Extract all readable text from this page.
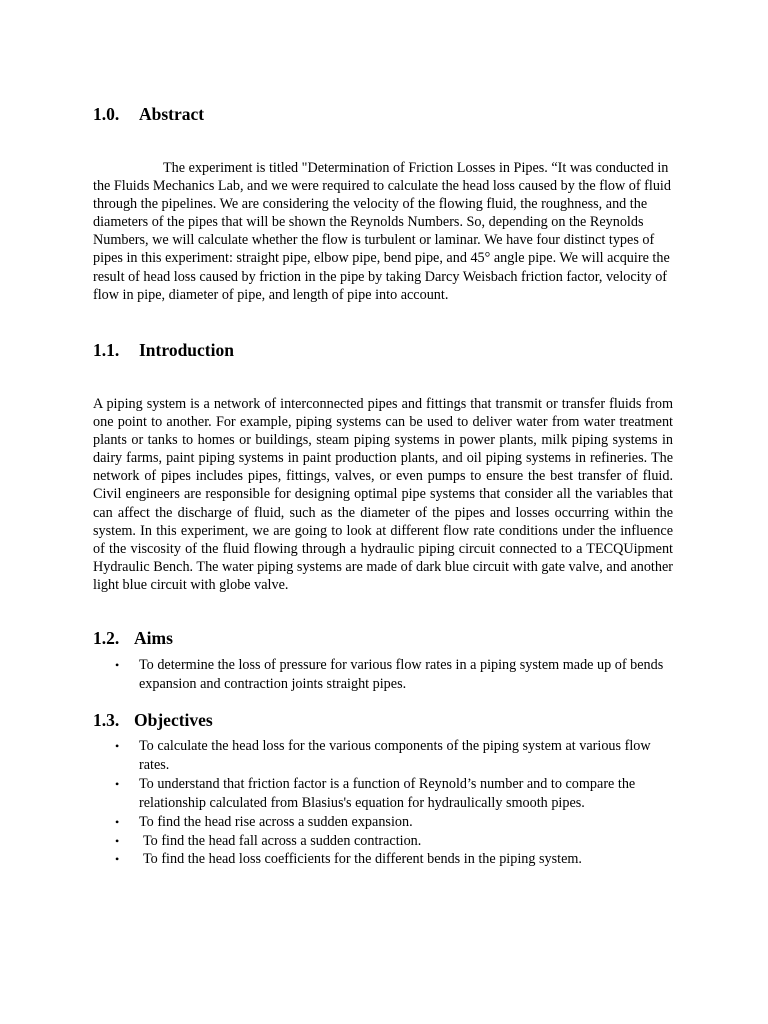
1.0. Abstract

The experiment is titled "Determination of Friction Losses in Pipes. “It was conducted in the Fluids Mechanics Lab, and we were required to calculate the head loss caused by the flow of fluid through the pipelines. We are considering the velocity of the flowing fluid, the roughness, and the diameters of the pipes that will be shown the Reynolds Numbers. So, depending on the Reynolds Numbers, we will calculate whether the flow is turbulent or laminar. We have four distinct types of pipes in this experiment: straight pipe, elbow pipe, bend pipe, and 45° angle pipe. We will acquire the result of head loss caused by friction in the pipe by taking Darcy Weisbach friction factor, velocity of flow in pipe, diameter of pipe, and length of pipe into account.

1.1. Introduction

A piping system is a network of interconnected pipes and fittings that transmit or transfer fluids from one point to another. For example, piping systems can be used to deliver water from water treatment plants or tanks to homes or buildings, steam piping systems in power plants, milk piping systems in dairy farms, paint piping systems in paint production plants, and oil piping systems in refineries. The network of pipes includes pipes, fittings, valves, or even pumps to ensure the best transfer of fluid. Civil engineers are responsible for designing optimal pipe systems that consider all the variables that can affect the discharge of fluid, such as the diameter of the pipes and losses occurring within the system. In this experiment, we are going to look at different flow rate conditions under the influence of the viscosity of the fluid flowing through a hydraulic piping circuit connected to a TECQUipment Hydraulic Bench. The water piping systems are made of dark blue circuit with gate valve, and another light blue circuit with globe valve.

1.2. Aims
• To determine the loss of pressure for various flow rates in a piping system made up of bends expansion and contraction joints straight pipes.
1.3. Objectives
• To calculate the head loss for the various components of the piping system at various flow rates.
• To understand that friction factor is a function of Reynold’s number and to compare the relationship calculated from Blasius's equation for hydraulically smooth pipes.
• To find the head rise across a sudden expansion.
• To find the head fall across a sudden contraction.
• To find the head loss coefficients for the different bends in the piping system.
